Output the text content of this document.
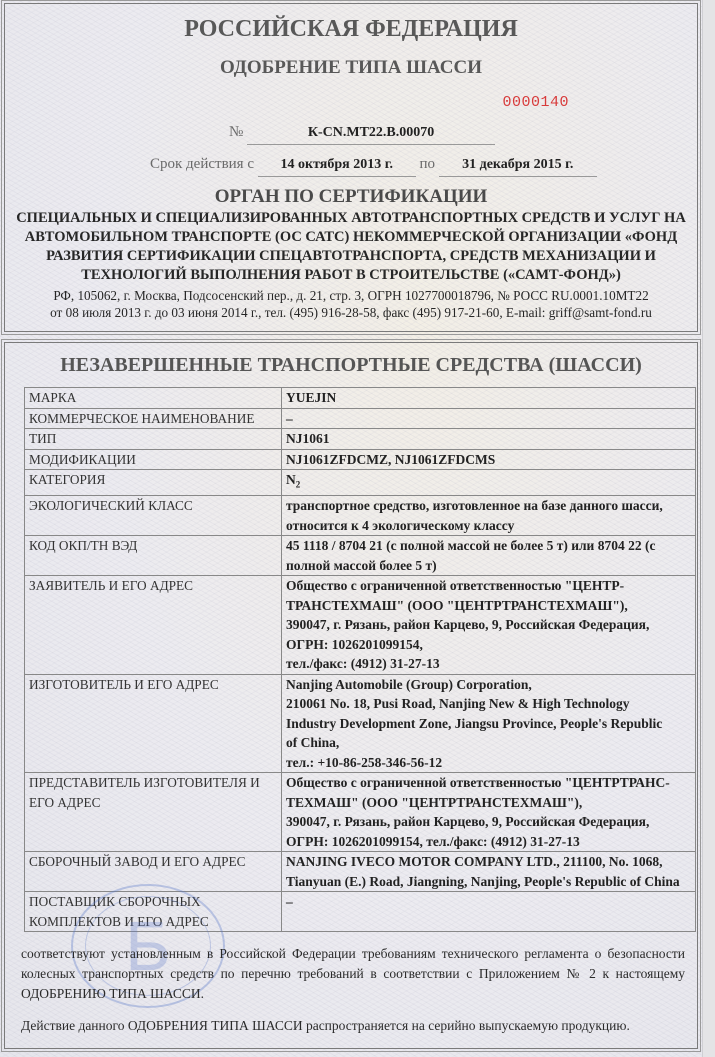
РОССИЙСКАЯ ФЕДЕРАЦИЯ
ОДОБРЕНИЕ ТИПА ШАССИ
0000140
№	К-CN.МТ22.В.00070
Срок действия с 14 октября 2013 г. по 31 декабря 2015 г.
ОРГАН ПО СЕРТИФИКАЦИИ
СПЕЦИАЛЬНЫХ И СПЕЦИАЛИЗИРОВАННЫХ АВТОТРАНСПОРТНЫХ СРЕДСТВ И УСЛУГ НА АВТОМОБИЛЬНОМ ТРАНСПОРТЕ (ОС САТС) НЕКОММЕРЧЕСКОЙ ОРГАНИЗАЦИИ «ФОНД РАЗВИТИЯ СЕРТИФИКАЦИИ СПЕЦАВТОТРАНСПОРТА, СРЕДСТВ МЕХАНИЗАЦИИ И ТЕХНОЛОГИЙ ВЫПОЛНЕНИЯ РАБОТ В СТРОИТЕЛЬСТВЕ («САМТ-ФОНД»)
РФ, 105062, г. Москва, Подсосенский пер., д. 21, стр. 3, ОГРН 1027700018796, № РОСС RU.0001.10МТ22
от 08 июля 2013 г. до 03 июня 2014 г., тел. (495) 916-28-58, факс (495) 917-21-60, E-mail: griff@samt-fond.ru
НЕЗАВЕРШЕННЫЕ ТРАНСПОРТНЫЕ СРЕДСТВА (ШАССИ)
МАРКА	YUEJIN
КОММЕРЧЕСКОЕ НАИМЕНОВАНИЕ	–
ТИП	NJ1061
МОДИФИКАЦИИ	NJ1061ZFDCMZ, NJ1061ZFDCMS
КАТЕГОРИЯ	$N_2$
ЭКОЛОГИЧЕСКИЙ КЛАСС	транспортное средство, изготовленное на базе данного шасси, относится к 4 экологическому классу
КОД ОКП/ТН ВЭД	45 1118 / 8704 21 (с полной массой не более 5 т) или 8704 22 (с полной массой более 5 т)
ЗАЯВИТЕЛЬ И ЕГО АДРЕС	Общество с ограниченной ответственностью "ЦЕНТР-
ТРАНСТЕХМАШ" (ООО "ЦЕНТРТРАНСТЕХМАШ"),
390047, г. Рязань, район Карцево, 9, Российская Федерация,
ОГРН: 1026201099154,
тел./факс: (4912) 31-27-13

ИЗГОТОВИТЕЛЬ И ЕГО АДРЕС	Nanjing Automobile (Group) Corporation,
210061 No. 18, Pusi Road, Nanjing New & High Technology
Industry Development Zone, Jiangsu Province, People's Republic
of China,
тел.: +10-86-258-346-56-12

ПРЕДСТАВИТЕЛЬ ИЗГОТОВИТЕЛЯ И ЕГО АДРЕС	Общество с ограниченной ответственностью "ЦЕНТРТРАНС-
ТЕХМАШ" (ООО "ЦЕНТРТРАНСТЕХМАШ"),
390047, г. Рязань, район Карцево, 9, Российская Федерация,
ОГРН: 1026201099154, тел./факс: (4912) 31-27-13

СБОРОЧНЫЙ ЗАВОД И ЕГО АДРЕС	NANJING IVECO MOTOR COMPANY LTD., 211100, No. 1068, Tianyuan (E.) Road, Jiangning, Nanjing, People's Republic of China
ПОСТАВЩИК СБОРОЧНЫХ КОМПЛЕКТОВ И ЕГО АДРЕС	–
Б
соответствуют установленным в Российской Федерации требованиям технического регламента о безопасности колесных транспортных средств по перечню требований в соответствии с Приложением № 2 к настоящему ОДОБРЕНИЮ ТИПА ШАССИ.
Действие данного ОДОБРЕНИЯ ТИПА ШАССИ распространяется на серийно выпускаемую продукцию.
